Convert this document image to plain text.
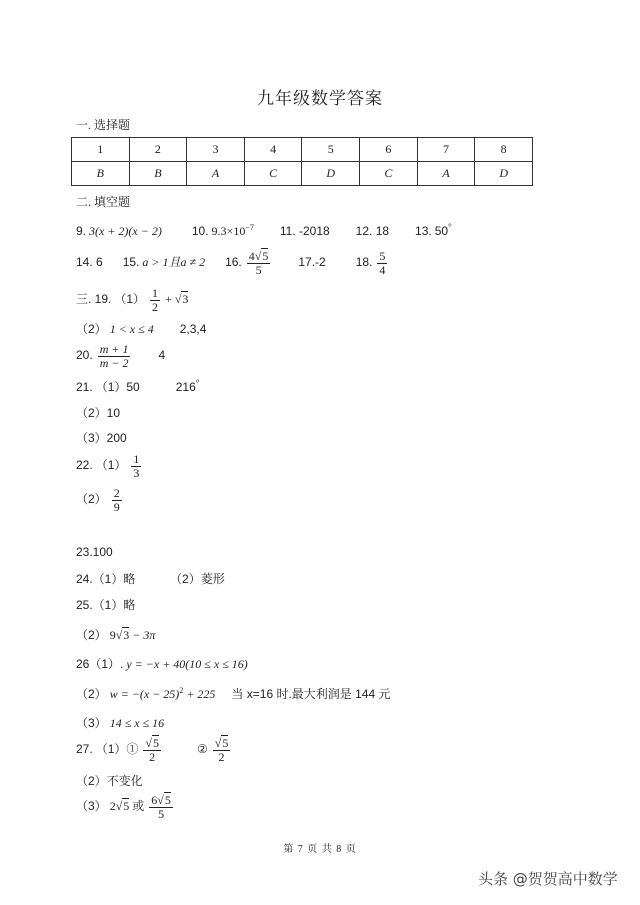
九年级数学答案
一. 选择题
1	2	3	4	5	6	7	8
B	B	A	C	D	C	A	D
二. 填空题
9. 3(x + 2)(x − 2)	10. $9.3\times 10^{-7}$ 11. -2018 12. 18 13. 50°
14. 6 15. a > 1且a ≠ 2 16. $\frac{4√5}{5} 17.-2$	18. $\frac{5}{4}$
三. 19. $(1) \frac{1}{2} + √3$
（2） 1 < x ≤ 4 2,3,4
20. $\frac{m + 1}{m - 2} 4$
21. （1）50	216°
（2）10
（3）200
22. $(1) \frac{1}{3}$
$(2) \frac{2}{9}$
23.100
24.（1）略	（2）菱形
25.（1）略
（2） 9√3 − 3π
26（1）. y = −x + 40(10 ≤ x ≤ 16)
（2） $w = -(x - 25)^2 + 225$ 当 x=16 时.最大利润是 144 元
（3） 14 ≤ x ≤ 16
27. （1）① $\frac{√5}{2}$	② $\frac{√5}{2}$
（2）不变化
（3） 2√5 或 $\frac{6√5}{5}$
第 7 页 共 8 页
头条 @贺贺高中数学
